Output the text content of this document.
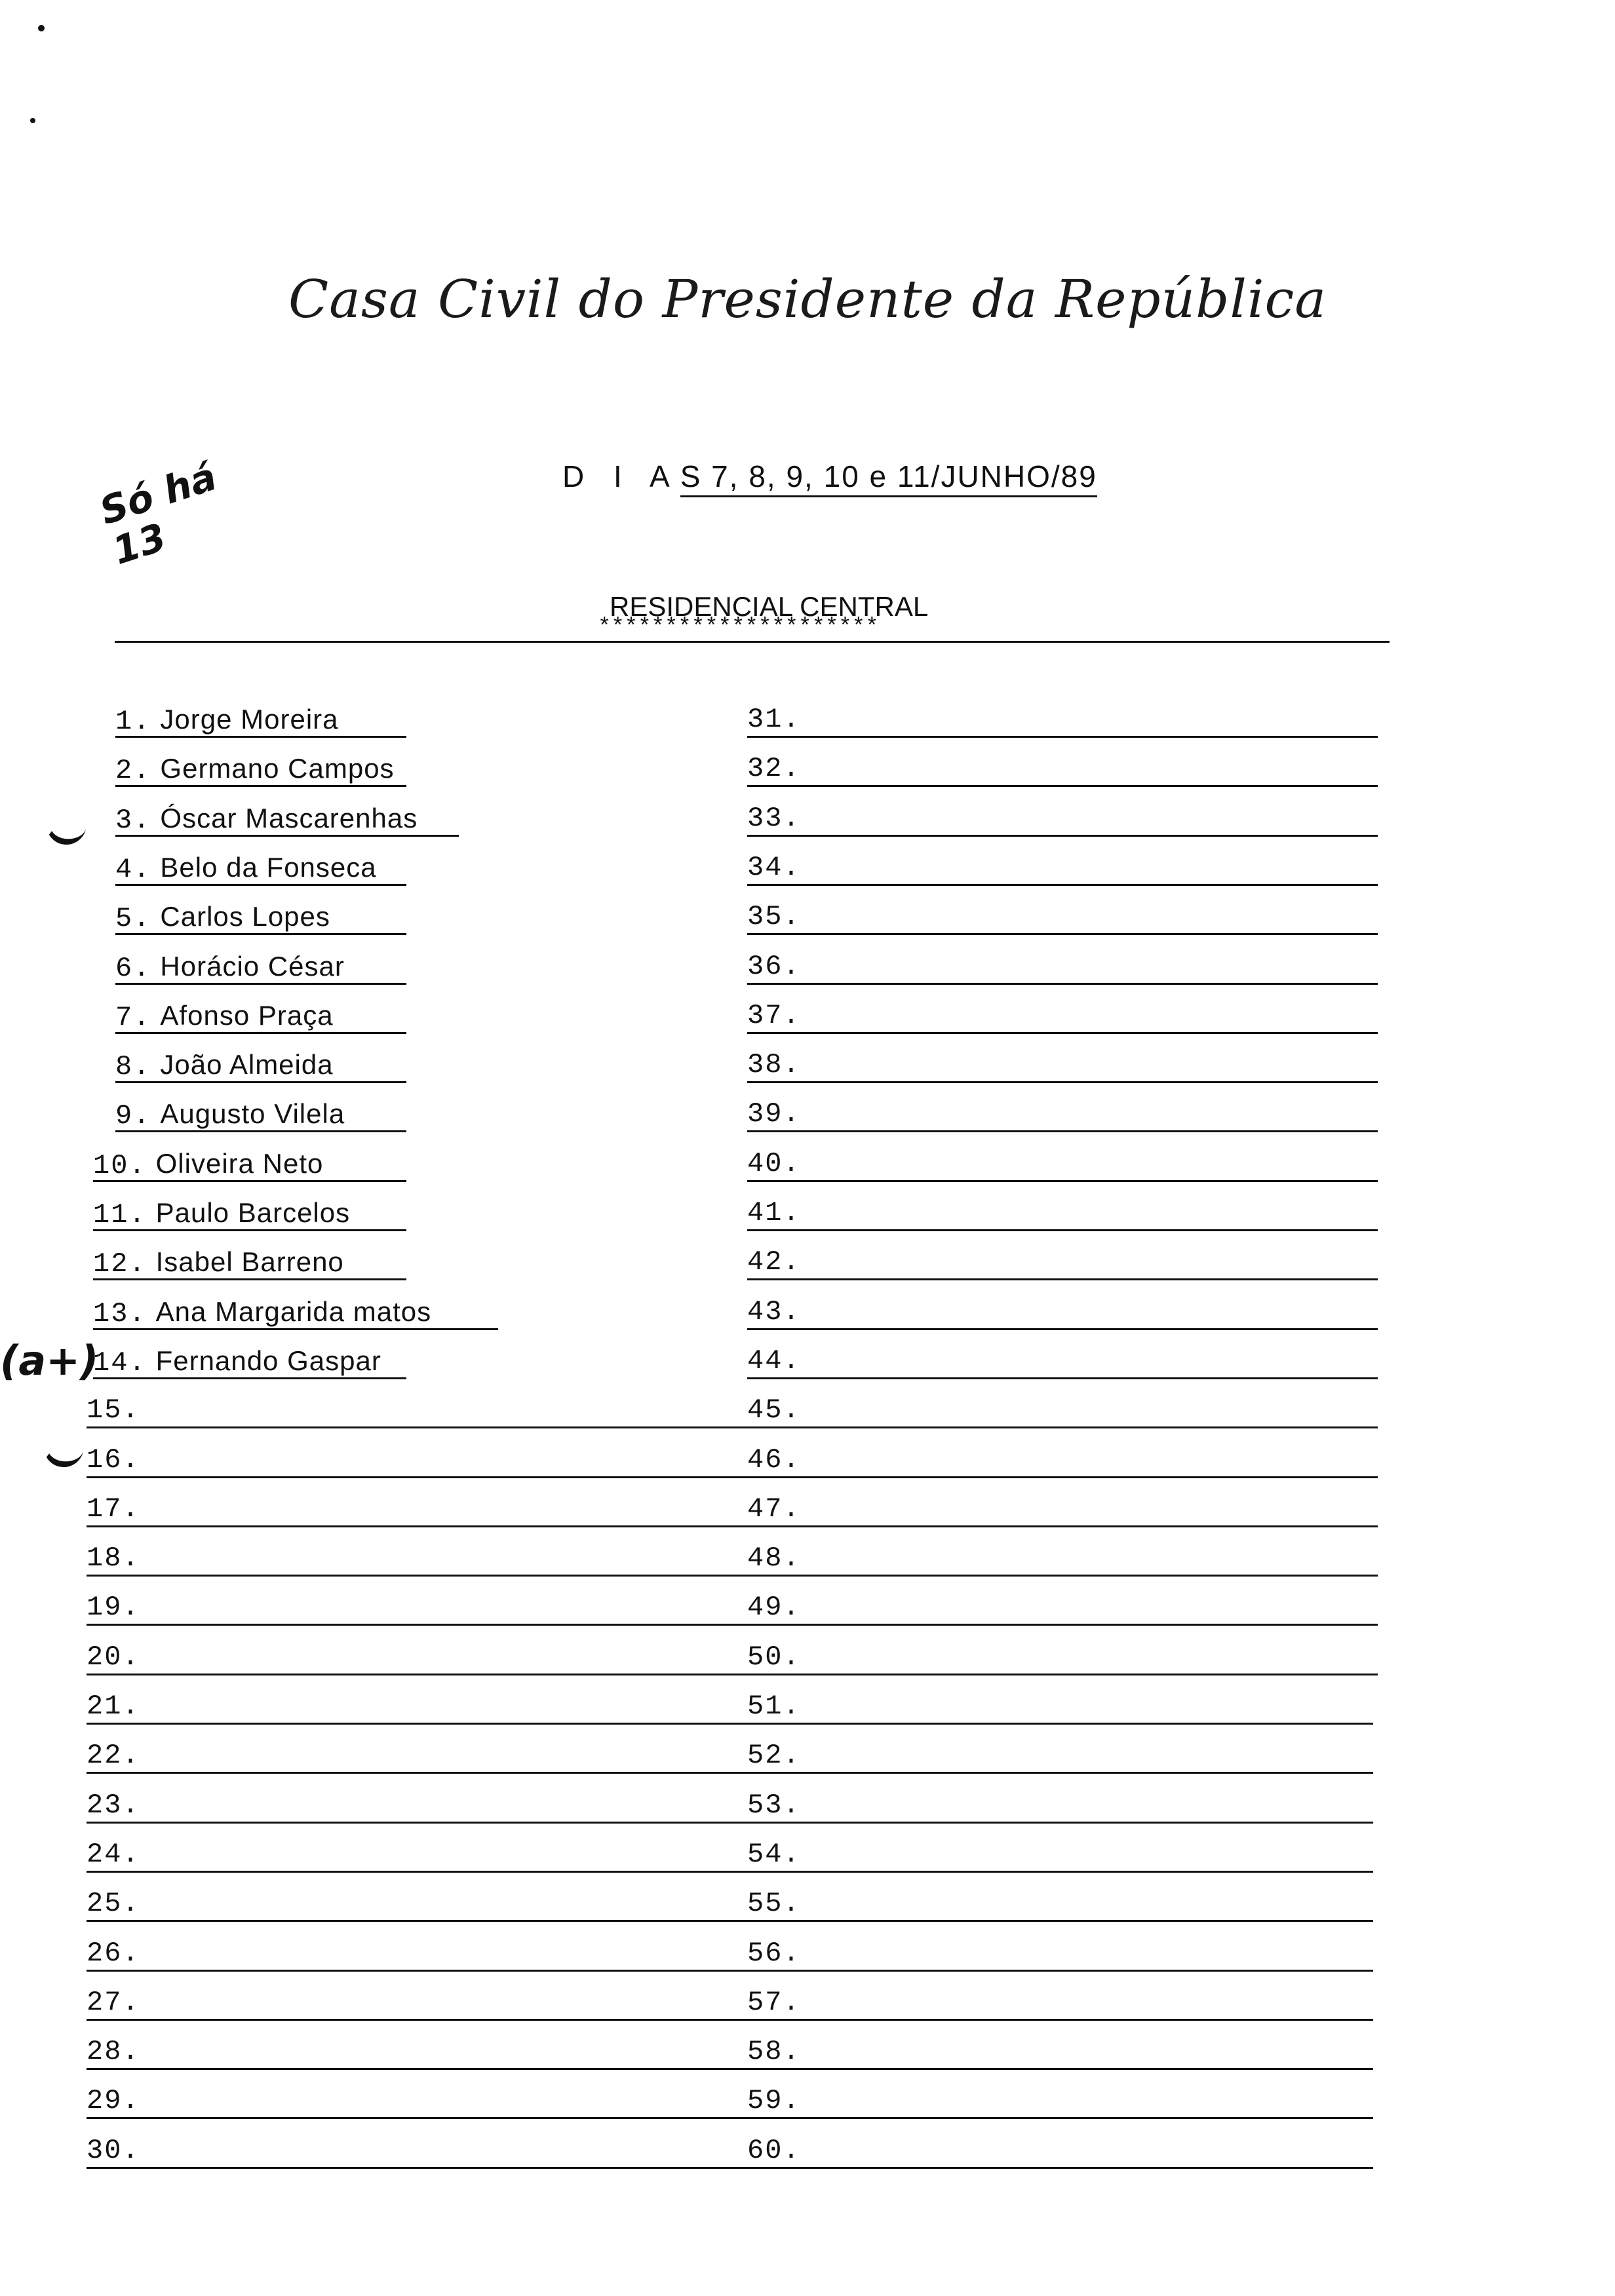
Casa Civil do Presidente da República
Só há
13
D I AS 7, 8, 9, 10 e 11/JUNHO/89
RESIDENCIAL CENTRAL
*********************
(a+)
1. Jorge Moreira
2. Germano Campos
3. Óscar Mascarenhas
4. Belo da Fonseca
5. Carlos Lopes
6. Horácio César
7. Afonso Praça
8. João Almeida
9. Augusto Vilela
10. Oliveira Neto
11. Paulo Barcelos
12. Isabel Barreno
13. Ana Margarida matos
14. Fernando Gaspar
15.
16.
17.
18.
19.
20.
21.
22.
23.
24.
25.
26.
27.
28.
29.
30.
31.
32.
33.
34.
35.
36.
37.
38.
39.
40.
41.
42.
43.
44.
45.
46.
47.
48.
49.
50.
51.
52.
53.
54.
55.
56.
57.
58.
59.
60.
